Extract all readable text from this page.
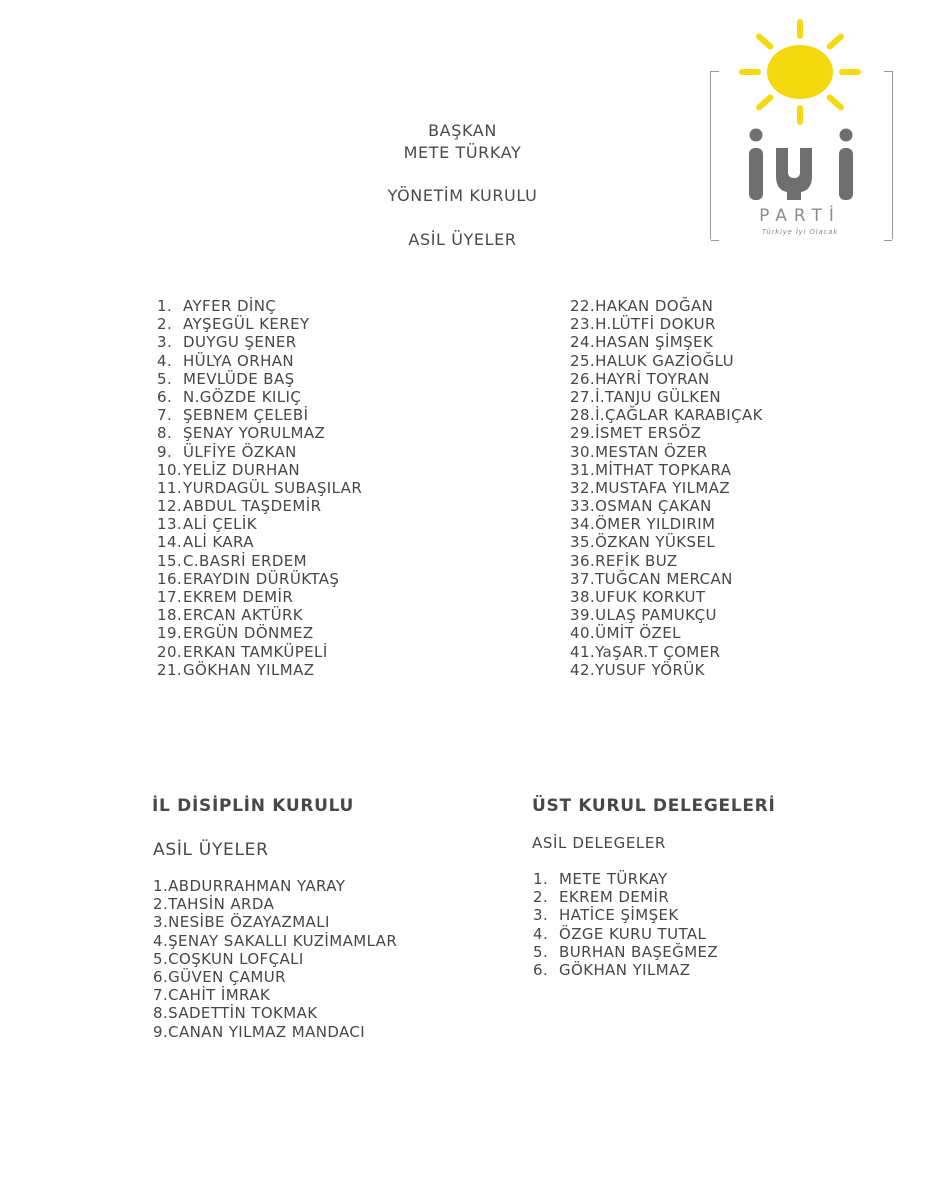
PARTİ
Türkiye İyi Olacak
BAŞKAN
METE TÜRKAY
YÖNETİM KURULU
ASİL ÜYELER
1. AYFER DİNÇ
2. AYŞEGÜL KEREY
3. DUYGU ŞENER
4. HÜLYA ORHAN
5. MEVLÜDE BAŞ
6. N.GÖZDE KILIÇ
7. ŞEBNEM ÇELEBİ
8. ŞENAY YORULMAZ
9. ÜLFİYE ÖZKAN
10.YELİZ DURHAN
11.YURDAGÜL SUBAŞILAR
12.ABDUL TAŞDEMİR
13.ALİ ÇELİK
14.ALİ KARA
15.C.BASRİ ERDEM
16.ERAYDIN DÜRÜKTAŞ
17.EKREM DEMİR
18.ERCAN AKTÜRK
19.ERGÜN DÖNMEZ
20.ERKAN TAMKÜPELİ
21.GÖKHAN YILMAZ
22.HAKAN DOĞAN
23.H.LÜTFİ DOKUR
24.HASAN ŞİMŞEK
25.HALUK GAZİOĞLU
26.HAYRİ TOYRAN
27.İ.TANJU GÜLKEN
28.İ.ÇAĞLAR KARABIÇAK
29.İSMET ERSÖZ
30.MESTAN ÖZER
31.MİTHAT TOPKARA
32.MUSTAFA YILMAZ
33.OSMAN ÇAKAN
34.ÖMER YILDIRIM
35.ÖZKAN YÜKSEL
36.REFİK BUZ
37.TUĞCAN MERCAN
38.UFUK KORKUT
39.ULAŞ PAMUKÇU
40.ÜMİT ÖZEL
41.YaŞAR.T ÇOMER
42.YUSUF YÖRÜK
İL DİSİPLİN KURULU
ASİL ÜYELER
1.ABDURRAHMAN YARAY
2.TAHSİN ARDA
3.NESİBE ÖZAYAZMALI
4.ŞENAY SAKALLI KUZİMAMLAR
5.COŞKUN LOFÇALI
6.GÜVEN ÇAMUR
7.CAHİT İMRAK
8.SADETTİN TOKMAK
9.CANAN YILMAZ MANDACI
ÜST KURUL DELEGELERİ
ASİL DELEGELER
1. METE TÜRKAY
2. EKREM DEMİR
3. HATİCE ŞİMŞEK
4. ÖZGE KURU TUTAL
5. BURHAN BAŞEĞMEZ
6. GÖKHAN YILMAZ
